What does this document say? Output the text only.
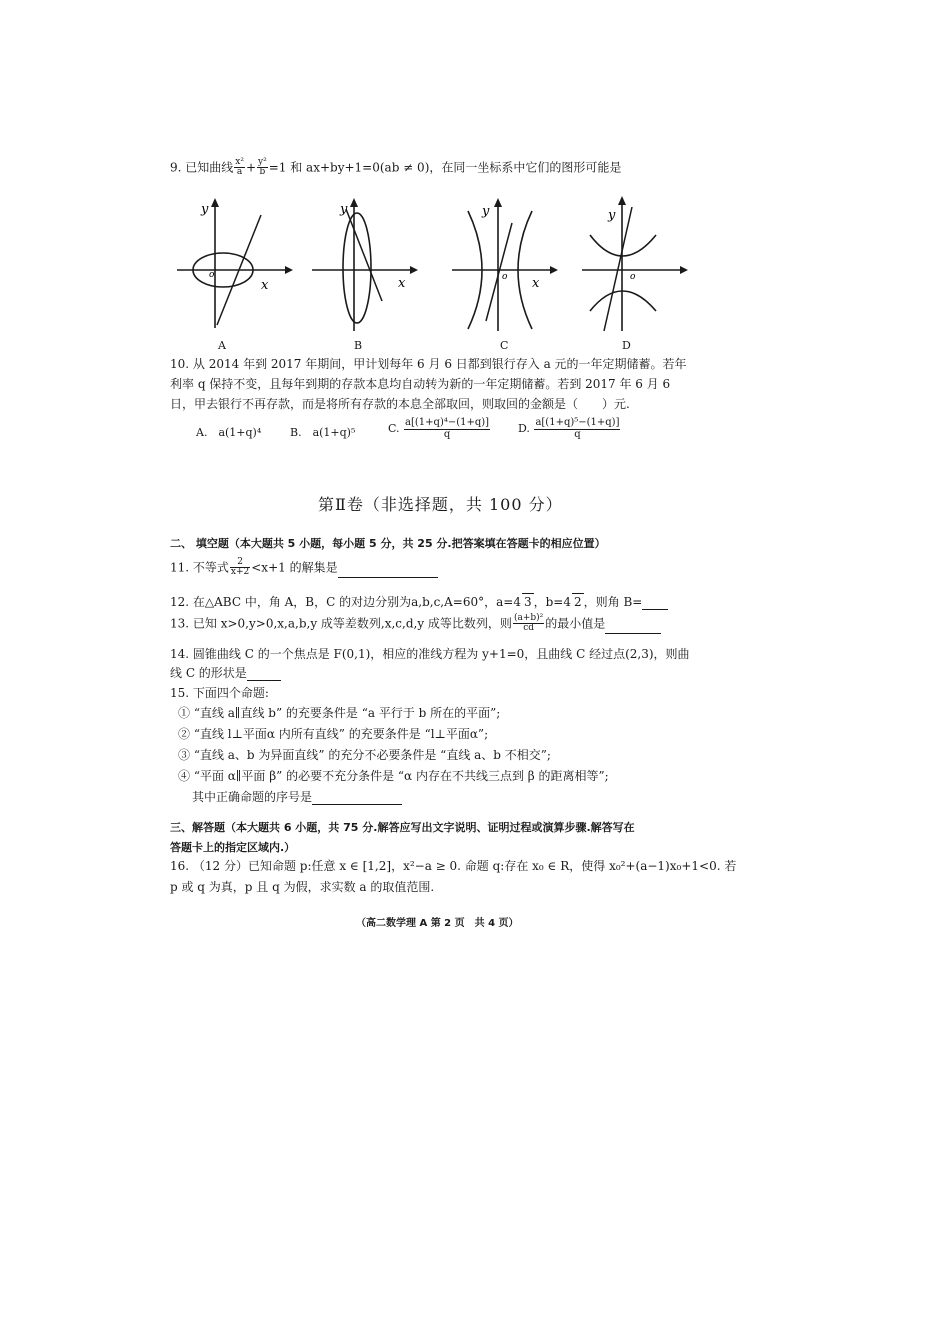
9. 已知曲线 $\frac{\text{x²}}{a} + \frac{\text{y²}}{b} =1$ 和 ax+by+1=0(ab ≠ 0)，在同一坐标系中它们的图形可能是
y
x
o
A
y
x
B
y
x
o
C
y
o
D
10. 从 2014 年到 2017 年期间，甲计划每年 6 月 6 日都到银行存入 a 元的一年定期储蓄。若年
利率 q 保持不变，且每年到期的存款本息均自动转为新的一年定期储蓄。若到 2017 年 6 月 6
日，甲去银行不再存款，而是将所有存款的本息全部取回，则取回的金额是（　　）元.
A.　a(1+q)⁴	B.　a(1+q)⁵	C. $\frac{\text{a[(1+q)⁴−(1+q)]}}{q}$	D. $\frac{\text{a[(1+q)⁵−(1+q)]}}{q}$
第Ⅱ卷（非选择题，共 100 分）
二、 填空题（本大题共 5 小题，每小题 5 分，共 25 分.把答案填在答题卡的相应位置）
11. 不等式 $\frac{2}{x+2} <x+1$ 的解集是
12. 在△ABC 中，角 A，B，C 的对边分别为a,b,c,A=60°，a=4 3 ，b=4 2 ，则角 B=
13. 已知 x>0,y>0,x,a,b,y 成等差数列,x,c,d,y 成等比数列，则 $\frac{\text{(a+b)²}}{cd}$ 的最小值是
14. 圆锥曲线 C 的一个焦点是 F(0,1)，相应的准线方程为 y+1=0，且曲线 C 经过点(2,3)，则曲
线 C 的形状是
15. 下面四个命题:
① “直线 a∥直线 b” 的充要条件是 “a 平行于 b 所在的平面”;
② “直线 l⊥平面α 内所有直线” 的充要条件是 “l⊥平面α”;
③ “直线 a、b 为异面直线” 的充分不必要条件是 “直线 a、b 不相交”;
④ “平面 α∥平面 β” 的必要不充分条件是 “α 内存在不共线三点到 β 的距离相等”;
其中正确命题的序号是
三、解答题（本大题共 6 小题，共 75 分.解答应写出文字说明、证明过程或演算步骤.解答写在
答题卡上的指定区域内.）
16. （12 分）已知命题 p:任意 x ∈ [1,2]，x²−a ≥ 0. 命题 q:存在 x₀ ∈ R，使得 x₀²+(a−1)x₀+1<0. 若
p 或 q 为真，p 且 q 为假，求实数 a 的取值范围.
（高二数学理 A 第 2 页　共 4 页）
